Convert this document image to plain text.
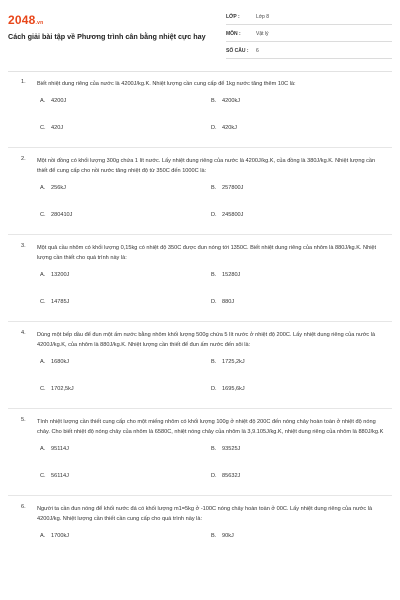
2048.vn
Cách giải bài tập về Phương trình cân bằng nhiệt cực hay
LỚP :	Lớp 8
MÔN :	Vật lý
SỐ CÂU : 6
1. Biết nhiệt dung riêng của nước là 4200J/kg.K. Nhiệt lượng cần cung cấp để 1kg nước tăng thêm 10C là:
A. 4200J	B. 4200kJ
C. 420J	D. 420kJ
2. Một nồi đồng có khối lượng 300g chứa 1 lít nước. Lấy nhiệt dung riêng của nước là 4200J/kg.K, của đồng là 380J/kg.K. Nhiệt lượng cần thiết để cung cấp cho nồi nước tăng nhiệt độ từ 350C đến 1000C là:
A. 256kJ	B. 257800J
C. 280410J	D. 245800J
3. Một quả cầu nhôm có khối lượng 0,15kg có nhiệt độ 350C được đun nóng tới 1350C. Biết nhiệt dung riêng của nhôm là 880J/kg.K. Nhiệt lượng cần thiết cho quá trình này là:
A. 13200J	B. 15280J
C. 14785J	D. 880J
4. Dùng một bếp dầu để đun một ấm nước bằng nhôm khối lượng 500g chứa 5 lít nước ở nhiệt độ 200C. Lấy nhiệt dung riêng của nước là 4200J/kg.K, của nhôm là 880J/kg.K. Nhiệt lượng cần thiết để đun ấm nước đến sôi là:
A. 1680kJ	B. 1725,2kJ
C. 1702,5kJ	D. 1695,6kJ
5. Tính nhiệt lượng cần thiết cung cấp cho một miếng nhôm có khối lượng 100g ở nhiệt độ 200C đến nóng chảy hoàn toàn ở nhiệt độ nóng chảy. Cho biết nhiệt độ nóng chảy của nhôm là 6580C, nhiệt nóng chảy của nhôm là 3,9.105J/kg.K, nhiệt dung riêng của nhôm là 880J/kg.K
A. 95114J	B. 93525J
C. 56114J	D. 85632J
6. Người ta cần đun nóng để khối nước đá có khối lượng m1=5kg ở -100C nóng chảy hoàn toàn ở 00C. Lấy nhiệt dung riêng của nước là 4200J/kg. Nhiệt lượng cần thiết cần cung cấp cho quá trình này là:
A. 1700kJ	B. 90kJ
